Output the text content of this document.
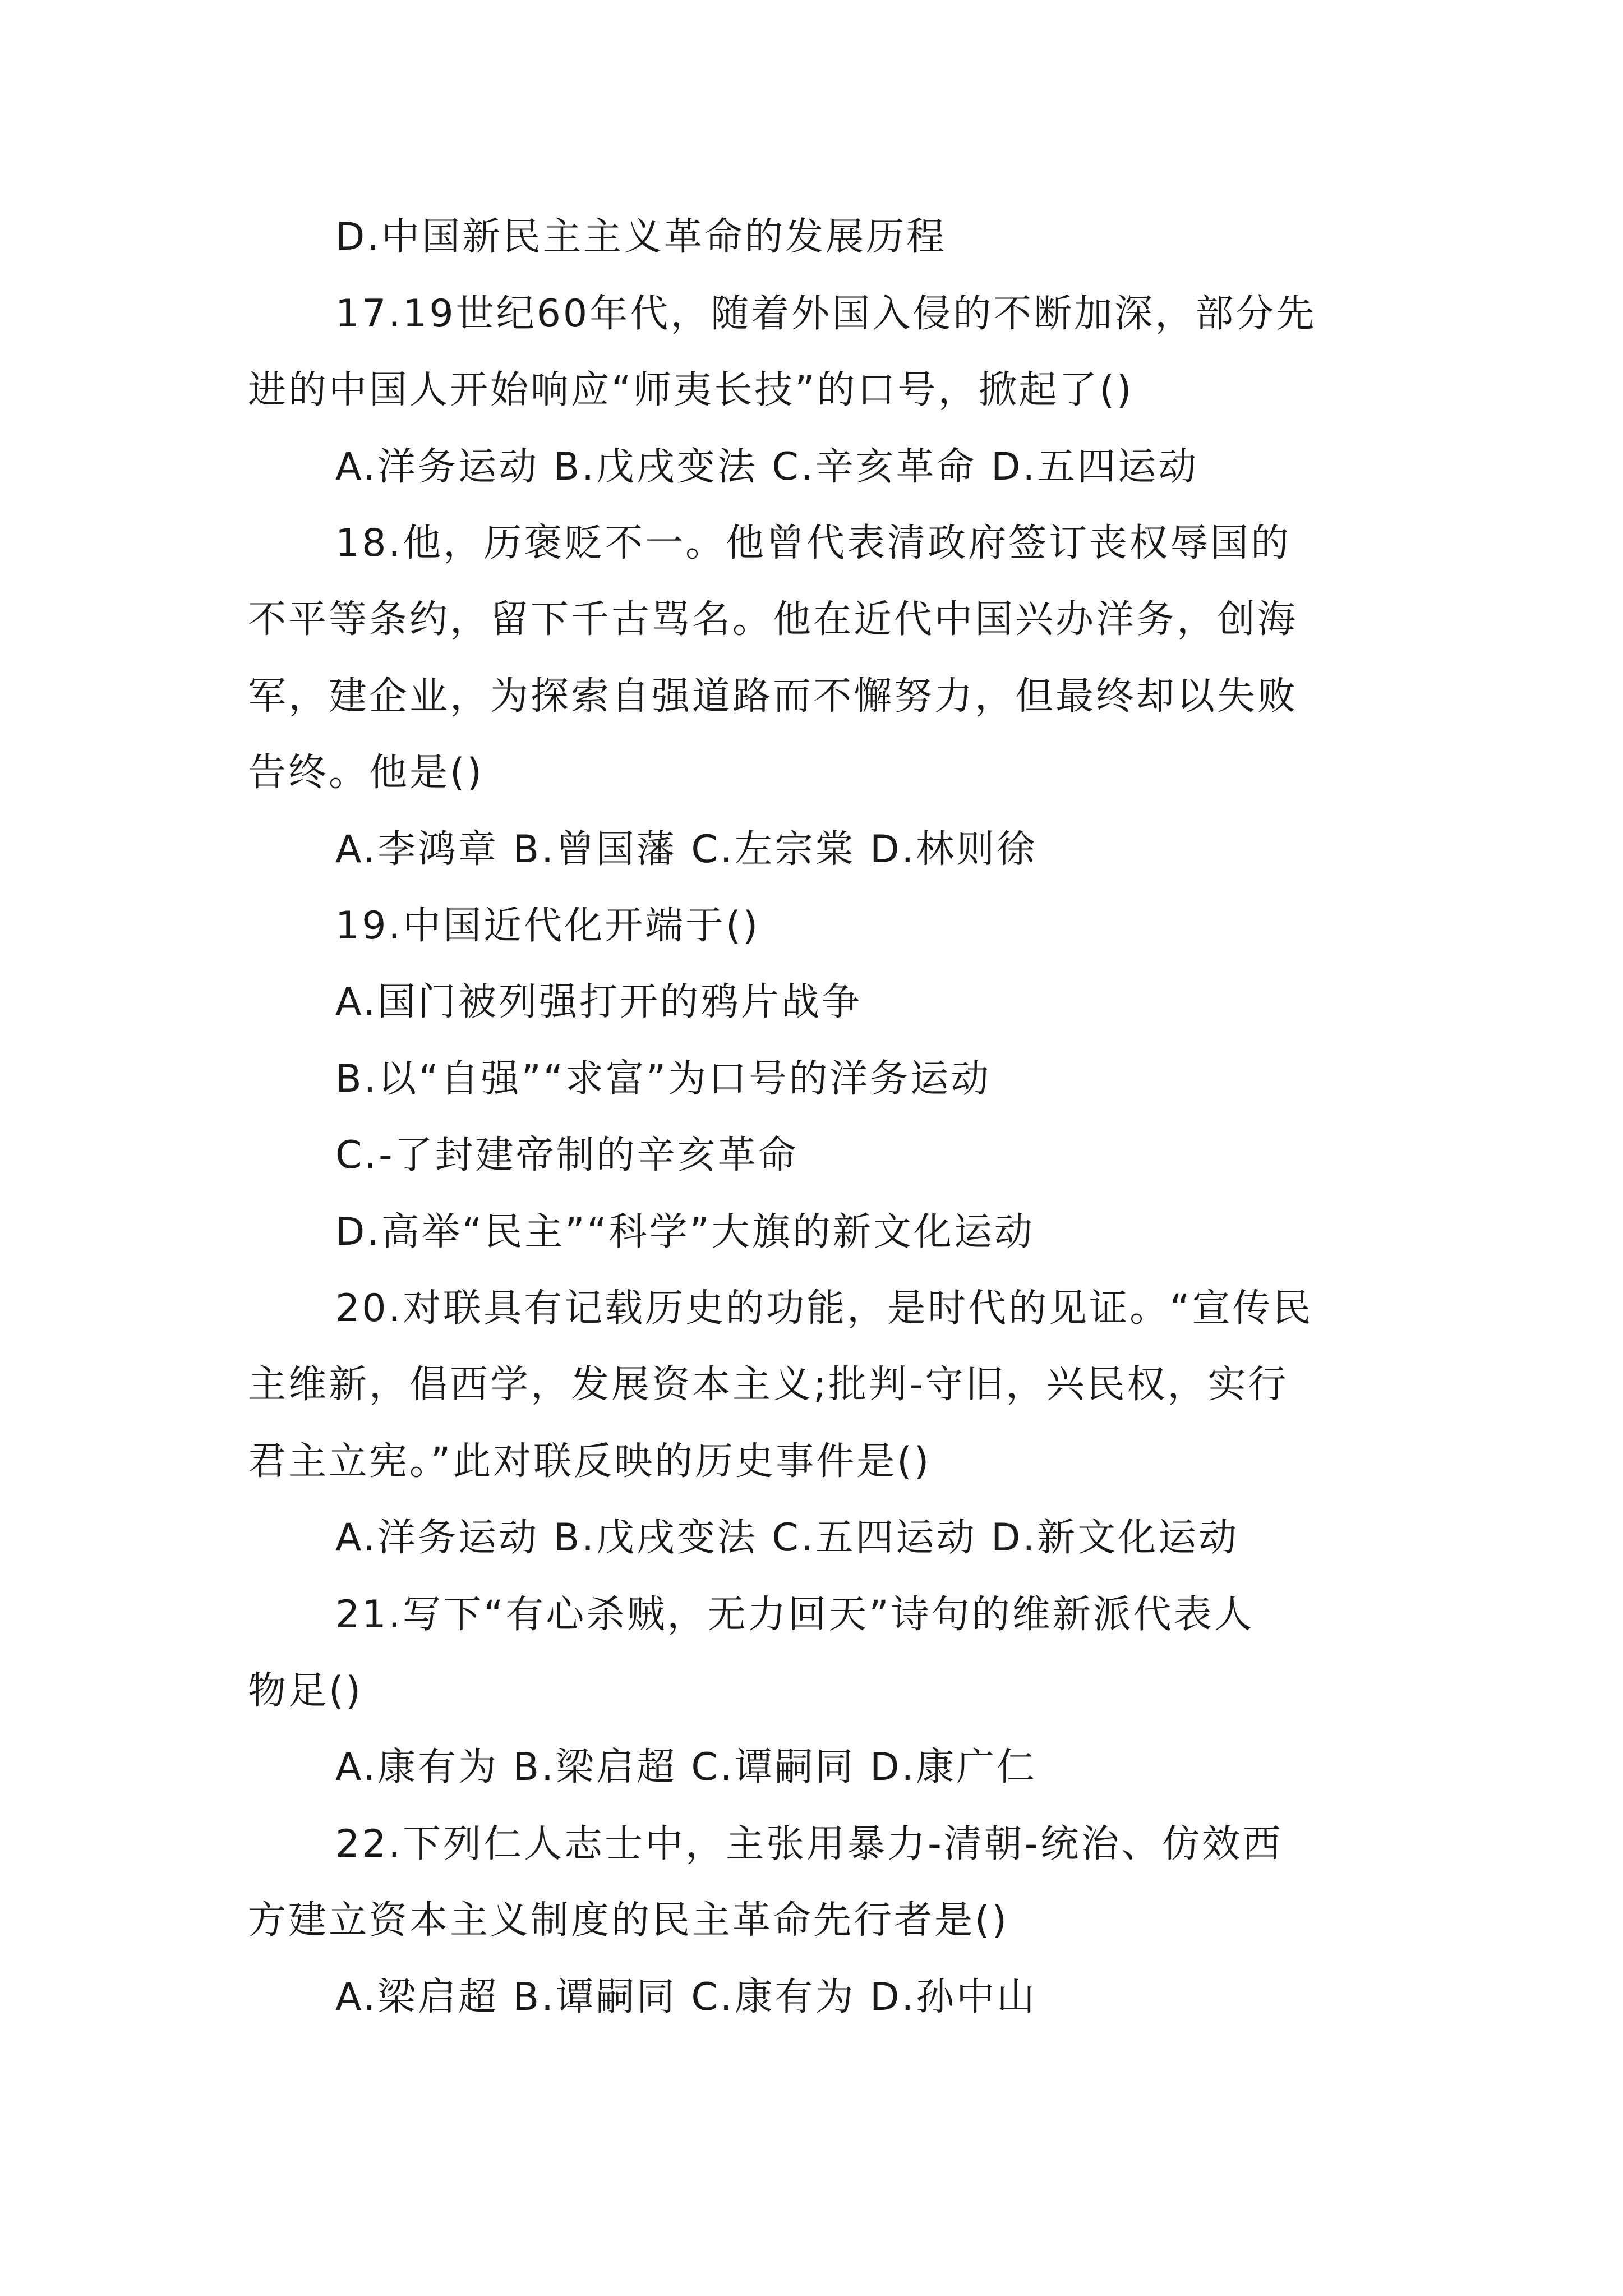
D.中国新民主主义革命的发展历程
17.19世纪60年代，随着外国入侵的不断加深，部分先
进的中国人开始响应“师夷长技”的口号，掀起了()
A.洋务运动 B.戊戌变法 C.辛亥革命 D.五四运动
18.他，历褒贬不一。他曾代表清政府签订丧权辱国的
不平等条约，留下千古骂名。他在近代中国兴办洋务，创海
军，建企业，为探索自强道路而不懈努力，但最终却以失败
告终。他是()
A.李鸿章 B.曾国藩 C.左宗棠 D.林则徐
19.中国近代化开端于()
A.国门被列强打开的鸦片战争
B.以“自强”“求富”为口号的洋务运动
C.-了封建帝制的辛亥革命
D.高举“民主”“科学”大旗的新文化运动
20.对联具有记载历史的功能，是时代的见证。“宣传民
主维新，倡西学，发展资本主义;批判-守旧，兴民权，实行
君主立宪。”此对联反映的历史事件是()
A.洋务运动 B.戊戌变法 C.五四运动 D.新文化运动
21.写下“有心杀贼，无力回天”诗句的维新派代表人
物足()
A.康有为 B.梁启超 C.谭嗣同 D.康广仁
22.下列仁人志士中，主张用暴力-清朝-统治、仿效西
方建立资本主义制度的民主革命先行者是()
A.梁启超 B.谭嗣同 C.康有为 D.孙中山
